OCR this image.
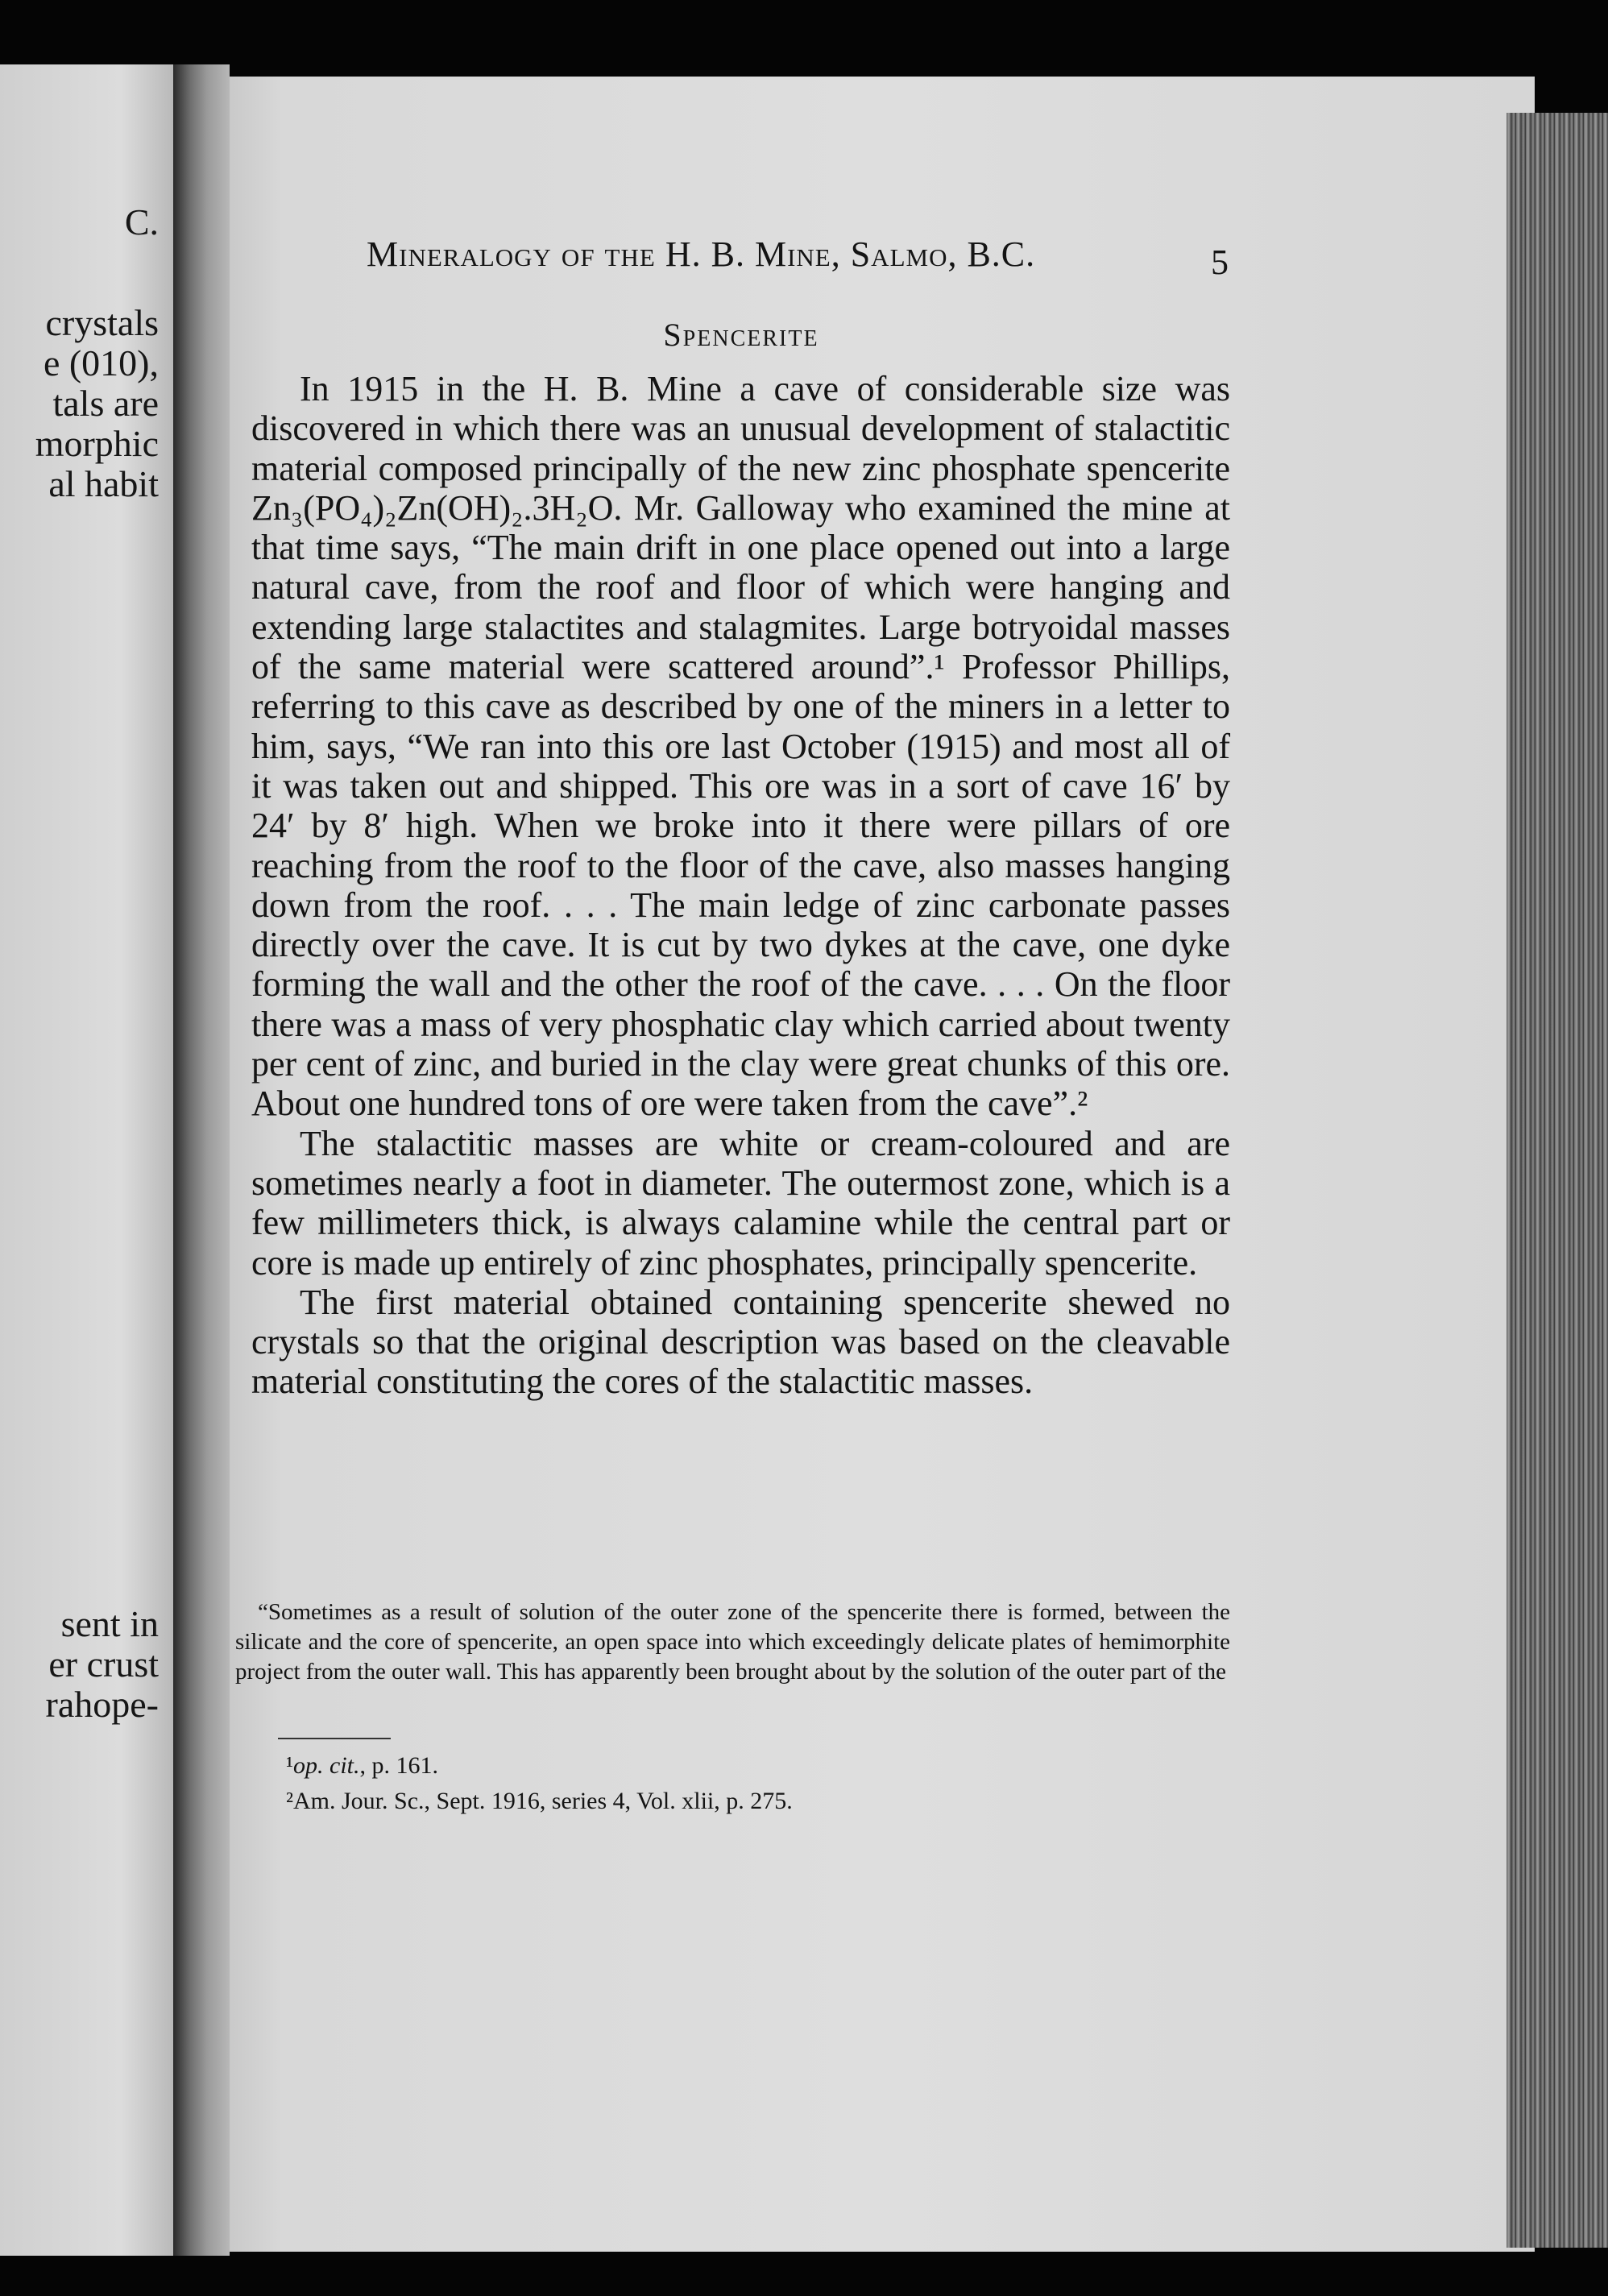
C.
crystals
e (010),
tals are
morphic
al habit
sent in
er crust
rahope-
Mineralogy of the H. B. Mine, Salmo, B.C.	5
Spencerite

In 1915 in the H. B. Mine a cave of considerable size was discovered in which there was an unusual development of stalactitic material composed principally of the new zinc phosphate spencerite Zn₃(PO₄)₂Zn(OH)₂.3H₂O. Mr. Galloway who examined the mine at that time says, “The main drift in one place opened out into a large natural cave, from the roof and floor of which were hanging and extending large stalactites and stalagmites. Large botryoidal masses of the same material were scattered around”.¹ Professor Phillips, referring to this cave as described by one of the miners in a letter to him, says, “We ran into this ore last October (1915) and most all of it was taken out and shipped. This ore was in a sort of cave 16′ by 24′ by 8′ high. When we broke into it there were pillars of ore reaching from the roof to the floor of the cave, also masses hanging down from the roof. . . . The main ledge of zinc carbonate passes directly over the cave. It is cut by two dykes at the cave, one dyke forming the wall and the other the roof of the cave. . . . On the floor there was a mass of very phosphatic clay which carried about twenty per cent of zinc, and buried in the clay were great chunks of this ore. About one hundred tons of ore were taken from the cave”.²

The stalactitic masses are white or cream-coloured and are sometimes nearly a foot in diameter. The outermost zone, which is a few millimeters thick, is always calamine while the central part or core is made up entirely of zinc phosphates, principally spencerite.

The first material obtained containing spencerite shewed no crystals so that the original description was based on the cleavable material constituting the cores of the stalactitic masses.

“Sometimes as a result of solution of the outer zone of the spencerite there is formed, between the silicate and the core of spencerite, an open space into which exceedingly delicate plates of hemimorphite project from the outer wall. This has apparently been brought about by the solution of the outer part of the

¹op. cit., p. 161.
²Am. Jour. Sc., Sept. 1916, series 4, Vol. xlii, p. 275.
